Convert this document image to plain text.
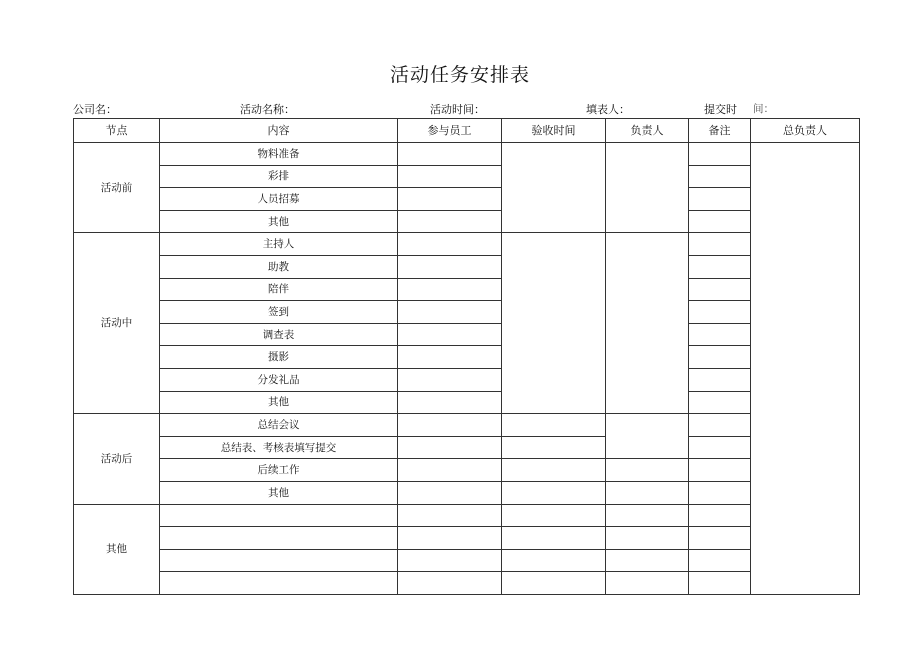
活动任务安排表
公司名：	活动名称：	活动时间：	填表人：	提交时 间：
节点	内容	参与员工	验收时间	负责人	备注	总负责人
活动前	物料准备					
	彩排					
	人员招募					
	其他					
活动中	主持人					
	助教					
	陪伴					
	签到					
	调查表					
	摄影					
	分发礼品					
	其他					
活动后	总结会议					
	总结表、考核表填写提交					
	后续工作					
	其他					
其他						
